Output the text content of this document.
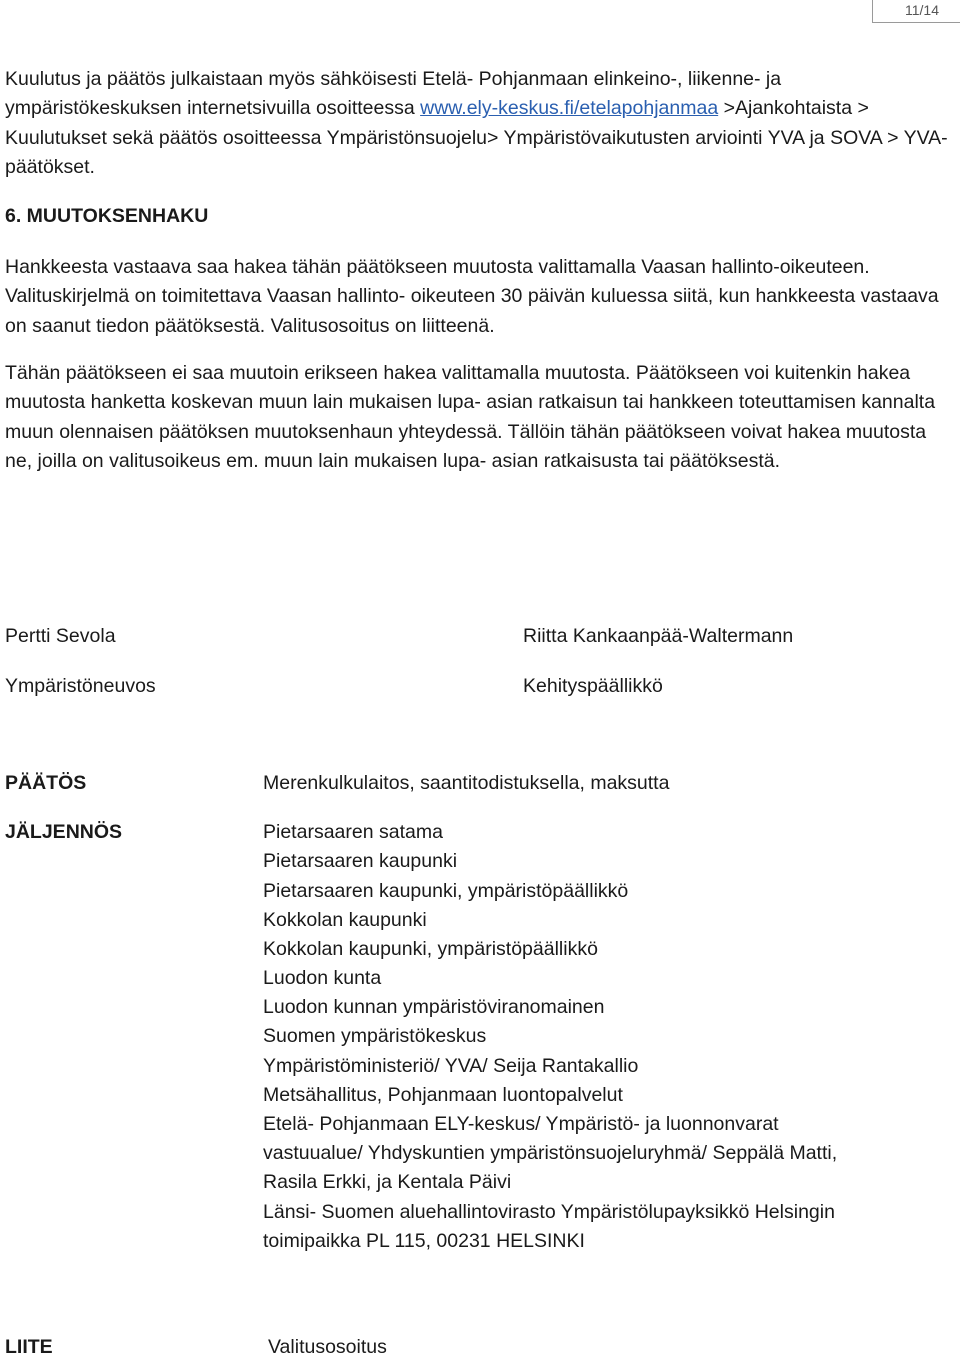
11/14
Kuulutus ja päätös julkaistaan myös sähköisesti Etelä- Pohjanmaan elinkeino-, liikenne- ja ympäristökeskuksen internetsivuilla osoitteessa www.ely-keskus.fi/etelapohjanmaa >Ajankohtaista > Kuulutukset sekä päätös osoitteessa Ympäristönsuojelu> Ympäristövaikutusten arviointi YVA ja SOVA > YVA- päätökset.
6. MUUTOKSENHAKU
Hankkeesta vastaava saa hakea tähän päätökseen muutosta valittamalla Vaasan hallinto-oikeuteen. Valituskirjelmä on toimitettava Vaasan hallinto- oikeuteen 30 päivän kuluessa siitä, kun hankkeesta vastaava on saanut tiedon päätöksestä. Valitusosoitus on liitteenä.
Tähän päätökseen ei saa muutoin erikseen hakea valittamalla muutosta. Päätökseen voi kuitenkin hakea muutosta hanketta koskevan muun lain mukaisen lupa- asian ratkaisun tai hankkeen toteuttamisen kannalta muun olennaisen päätöksen muutoksenhaun yhteydessä. Tällöin tähän päätökseen voivat hakea muutosta ne, joilla on valitusoikeus em. muun lain mukaisen lupa- asian ratkaisusta tai päätöksestä.
Pertti Sevola
Ympäristöneuvos
Riitta Kankaanpää-Waltermann
Kehityspäällikkö
PÄÄTÖS	Merenkulkulaitos, saantitodistuksella, maksutta
JÄLJENNÖS	Pietarsaaren satama
Pietarsaaren kaupunki
Pietarsaaren kaupunki, ympäristöpäällikkö
Kokkolan kaupunki
Kokkolan kaupunki, ympäristöpäällikkö
Luodon kunta
Luodon kunnan ympäristöviranomainen
Suomen ympäristökeskus
Ympäristöministeriö/ YVA/ Seija Rantakallio
Metsähallitus, Pohjanmaan luontopalvelut
Etelä- Pohjanmaan ELY-keskus/ Ympäristö- ja luonnonvarat
vastuualue/ Yhdyskuntien ympäristönsuojeluryhmä/ Seppälä Matti,
Rasila Erkki, ja Kentala Päivi
Länsi- Suomen aluehallintovirasto Ympäristölupayksikkö Helsingin
toimipaikka PL 115, 00231 HELSINKI
LIITE	Valitusosoitus
